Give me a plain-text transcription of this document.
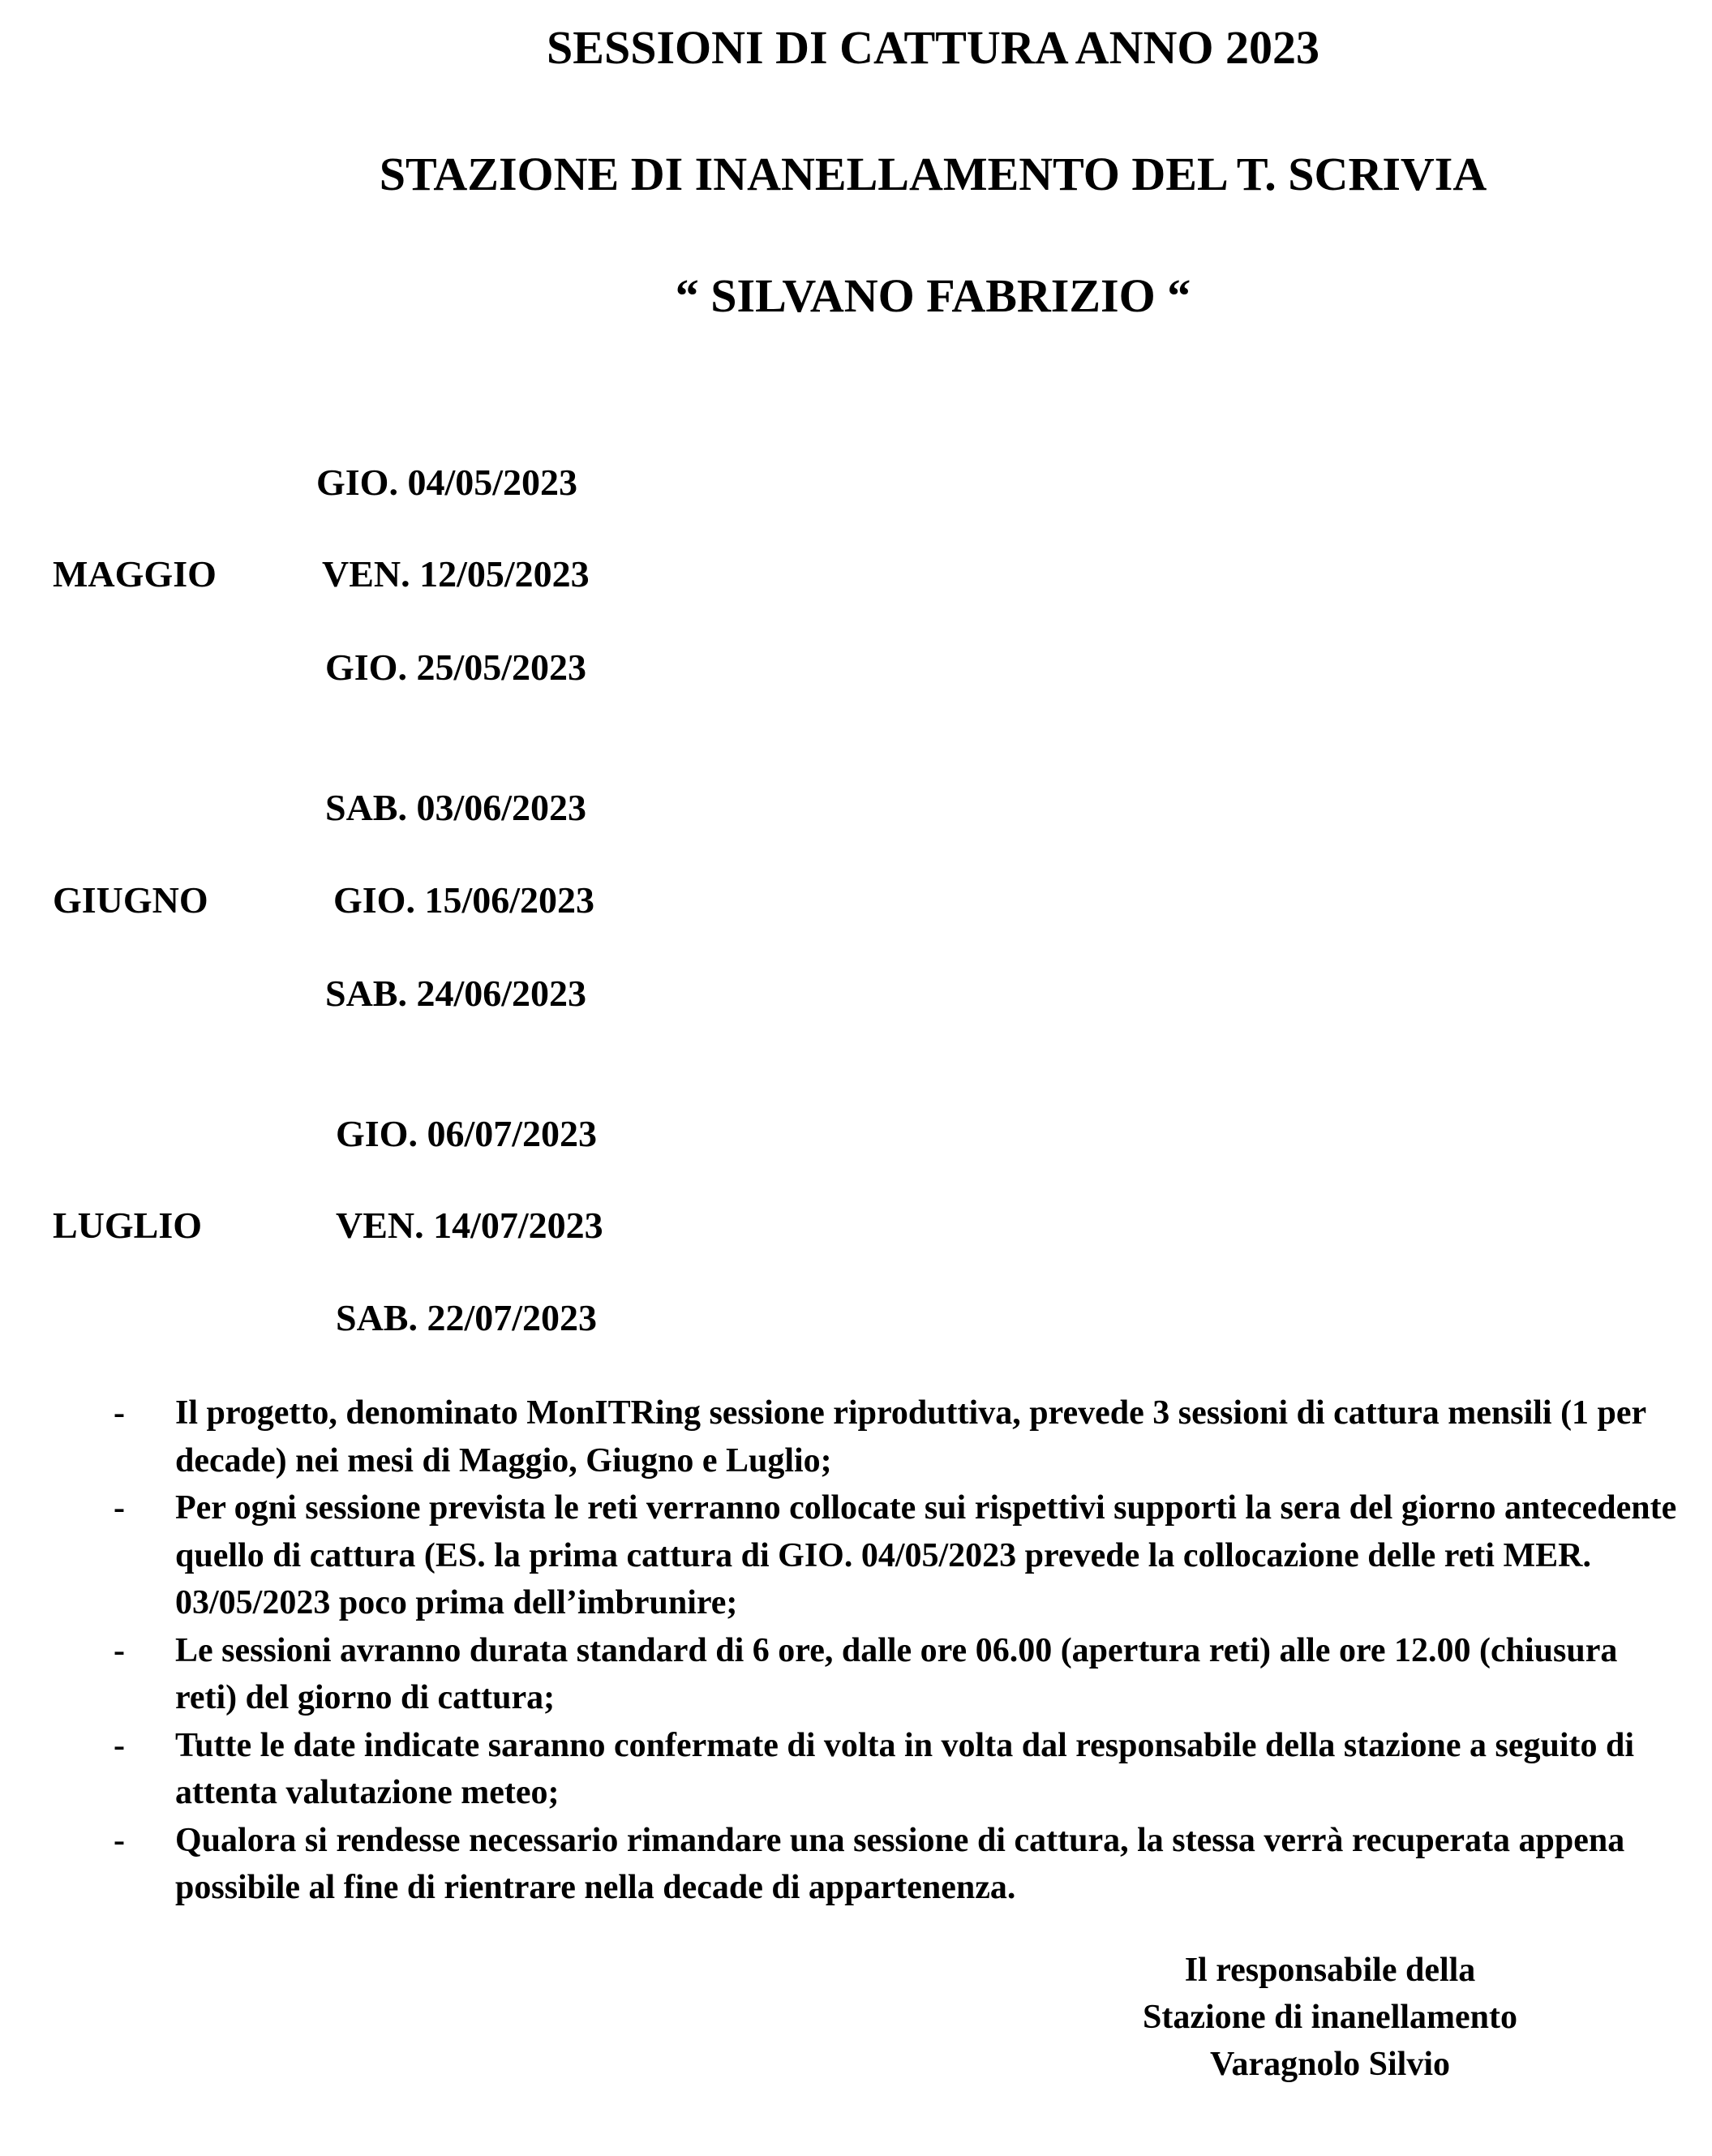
SESSIONI DI CATTURA ANNO 2023
STAZIONE DI INANELLAMENTO DEL T. SCRIVIA
“ SILVANO FABRIZIO “
GIO. 04/05/2023
MAGGIO	VEN. 12/05/2023
GIO. 25/05/2023
SAB. 03/06/2023
GIUGNO	GIO. 15/06/2023
SAB. 24/06/2023
GIO. 06/07/2023
LUGLIO	VEN. 14/07/2023
SAB. 22/07/2023
- Il progetto, denominato MonITRing sessione riproduttiva, prevede 3 sessioni di cattura mensili (1 per decade) nei mesi di Maggio, Giugno e Luglio;
- Per ogni sessione prevista le reti verranno collocate sui rispettivi supporti la sera del giorno antecedente quello di cattura (ES. la prima cattura di GIO. 04/05/2023 prevede la collocazione delle reti MER. 03/05/2023 poco prima dell’imbrunire;
- Le sessioni avranno durata standard di 6 ore, dalle ore 06.00 (apertura reti) alle ore 12.00 (chiusura reti) del giorno di cattura;
- Tutte le date indicate saranno confermate di volta in volta dal responsabile della stazione a seguito di attenta valutazione meteo;
- Qualora si rendesse necessario rimandare una sessione di cattura, la stessa verrà recuperata appena possibile al fine di rientrare nella decade di appartenenza.
Il responsabile della
Stazione di inanellamento
Varagnolo Silvio
